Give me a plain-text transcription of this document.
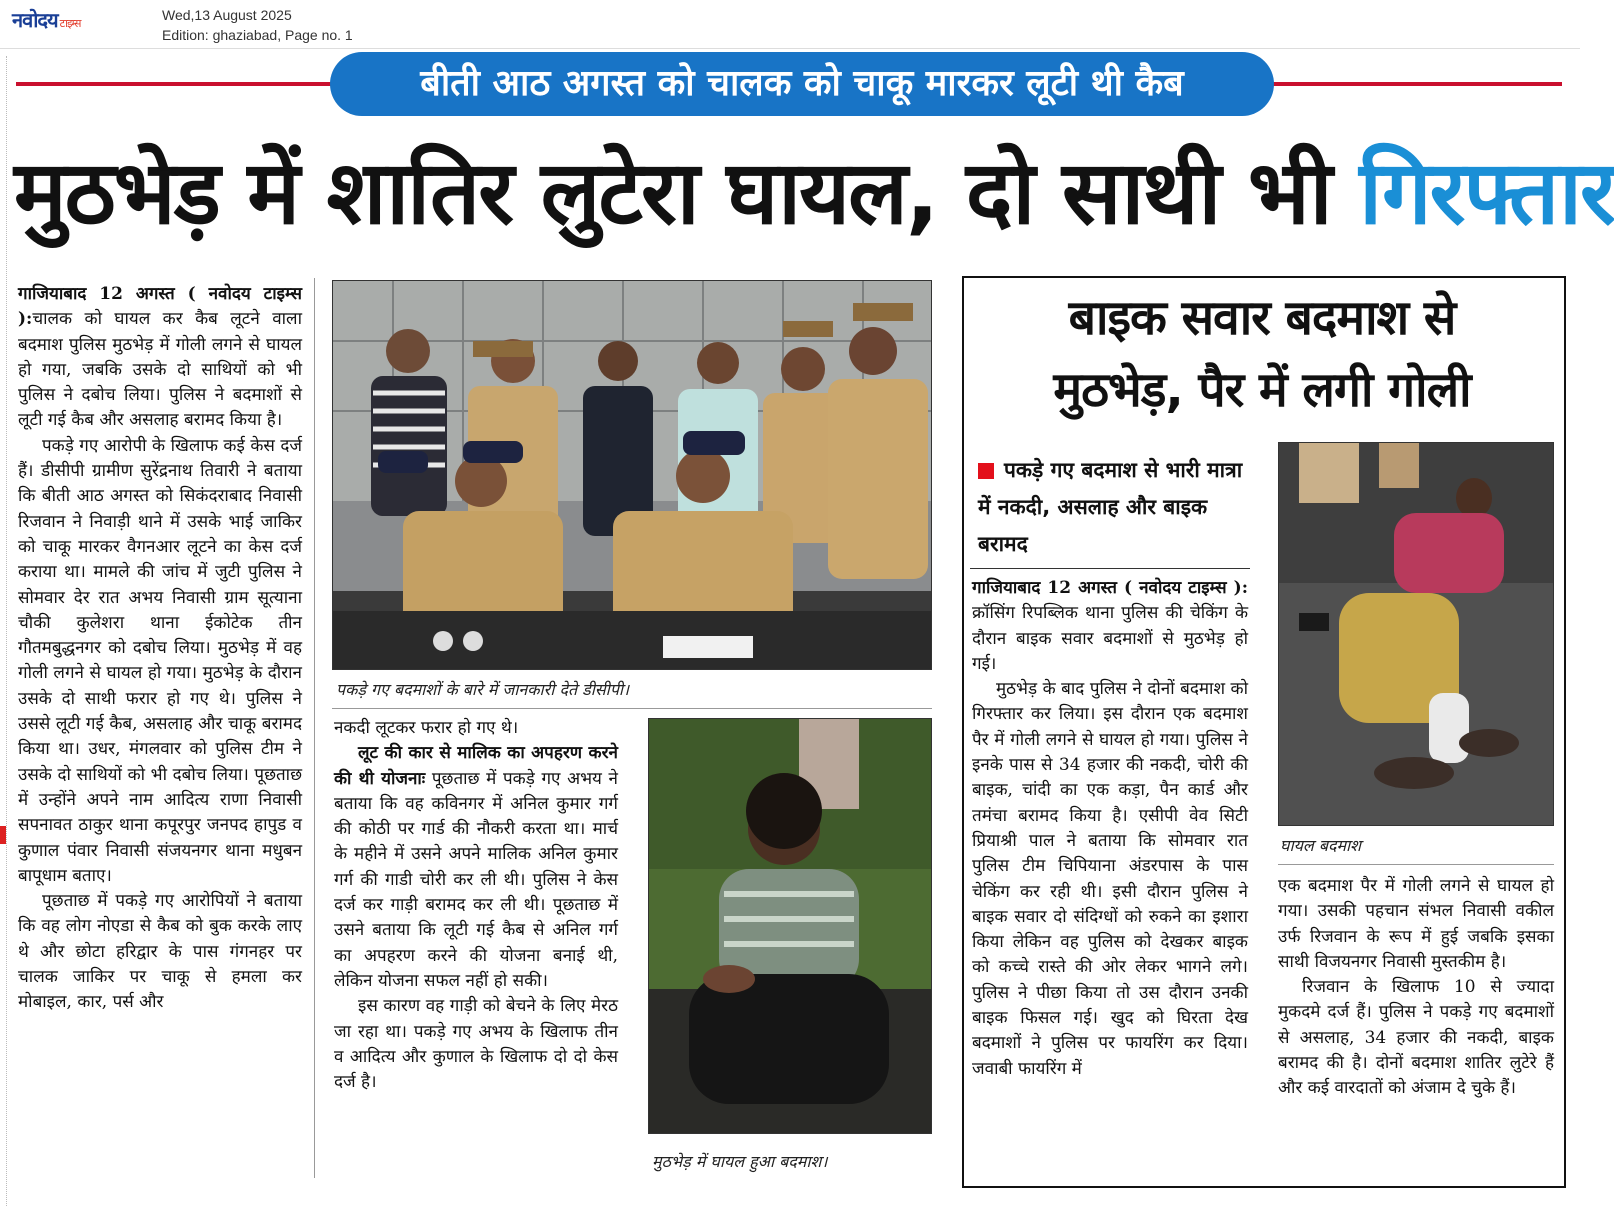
नवोदय टाइम्स
Wed,13 August 2025
Edition: ghaziabad, Page no. 1
बीती आठ अगस्त को चालक को चाकू मारकर लूटी थी कैब
मुठभेड़ में शातिर लुटेरा घायल, दो साथी भी गिरफ्तार

गाजियाबाद 12 अगस्त ( नवोदय टाइम्स ):चालक को घायल कर कैब लूटने वाला बदमाश पुलिस मुठभेड़ में गोली लगने से घायल हो गया, जबकि उसके दो साथियों को भी पुलिस ने दबोच लिया। पुलिस ने बदमाशों से लूटी गई कैब और असलाह बरामद किया है।

पकड़े गए आरोपी के खिलाफ कई केस दर्ज हैं। डीसीपी ग्रामीण सुरेंद्रनाथ तिवारी ने बताया कि बीती आठ अगस्त को सिकंदराबाद निवासी रिजवान ने निवाड़ी थाने में उसके भाई जाकिर को चाकू मारकर वैगनआर लूटने का केस दर्ज कराया था। मामले की जांच में जुटी पुलिस ने सोमवार देर रात अभय निवासी ग्राम सूत्याना चौकी कुलेशरा थाना ईकोटेक तीन गौतमबुद्धनगर को दबोच लिया। मुठभेड़ में वह गोली लगने से घायल हो गया। मुठभेड़ के दौरान उसके दो साथी फरार हो गए थे। पुलिस ने उससे लूटी गई कैब, असलाह और चाकू बरामद किया था। उधर, मंगलवार को पुलिस टीम ने उसके दो साथियों को भी दबोच लिया। पूछताछ में उन्होंने अपने नाम आदित्य राणा निवासी सपनावत ठाकुर थाना कपूरपुर जनपद हापुड व कुणाल पंवार निवासी संजयनगर थाना मधुबन बापूधाम बताए।

पूछताछ में पकड़े गए आरोपियों ने बताया कि वह लोग नोएडा से कैब को बुक करके लाए थे और छोटा हरिद्वार के पास गंगनहर पर चालक जाकिर पर चाकू से हमला कर मोबाइल, कार, पर्स और

पकड़े गए बदमाशों के बारे में जानकारी देते डीसीपी।

नकदी लूटकर फरार हो गए थे।

लूट की कार से मालिक का अपहरण करने की थी योजनाः पूछताछ में पकड़े गए अभय ने बताया कि वह कविनगर में अनिल कुमार गर्ग की कोठी पर गार्ड की नौकरी करता था। मार्च के महीने में उसने अपने मालिक अनिल कुमार गर्ग की गाडी चोरी कर ली थी। पुलिस ने केस दर्ज कर गाड़ी बरामद कर ली थी। पूछताछ में उसने बताया कि लूटी गई कैब से अनिल गर्ग का अपहरण करने की योजना बनाई थी, लेकिन योजना सफल नहीं हो सकी।

इस कारण वह गाड़ी को बेचने के लिए मेरठ जा रहा था। पकड़े गए अभय के खिलाफ तीन व आदित्य और कुणाल के खिलाफ दो दो केस दर्ज है।

मुठभेड़ में घायल हुआ बदमाश।
बाइक सवार बदमाश से
मुठभेड़, पैर में लगी गोली
पकड़े गए बदमाश से भारी मात्रा में नकदी, असलाह और बाइक बरामद

गाजियाबाद 12 अगस्त ( नवोदय टाइम्स ): क्रॉसिंग रिपब्लिक थाना पुलिस की चेकिंग के दौरान बाइक सवार बदमाशों से मुठभेड़ हो गई।

मुठभेड़ के बाद पुलिस ने दोनों बदमाश को गिरफ्तार कर लिया। इस दौरान एक बदमाश पैर में गोली लगने से घायल हो गया। पुलिस ने इनके पास से 34 हजार की नकदी, चोरी की बाइक, चांदी का एक कड़ा, पैन कार्ड और तमंचा बरामद किया है। एसीपी वेव सिटी प्रियाश्री पाल ने बताया कि सोमवार रात पुलिस टीम चिपियाना अंडरपास के पास चेकिंग कर रही थी। इसी दौरान पुलिस ने बाइक सवार दो संदिग्धों को रुकने का इशारा किया लेकिन वह पुलिस को देखकर बाइक को कच्चे रास्ते की ओर लेकर भागने लगे। पुलिस ने पीछा किया तो उस दौरान उनकी बाइक फिसल गई। खुद को घिरता देख बदमाशों ने पुलिस पर फायरिंग कर दिया। जवाबी फायरिंग में

घायल बदमाश

एक बदमाश पैर में गोली लगने से घायल हो गया। उसकी पहचान संभल निवासी वकील उर्फ रिजवान के रूप में हुई जबकि इसका साथी विजयनगर निवासी मुस्तकीम है।

रिजवान के खिलाफ 10 से ज्यादा मुकदमे दर्ज हैं। पुलिस ने पकड़े गए बदमाशों से असलाह, 34 हजार की नकदी, बाइक बरामद की है। दोनों बदमाश शातिर लुटेरे हैं और कई वारदातों को अंजाम दे चुके हैं।
